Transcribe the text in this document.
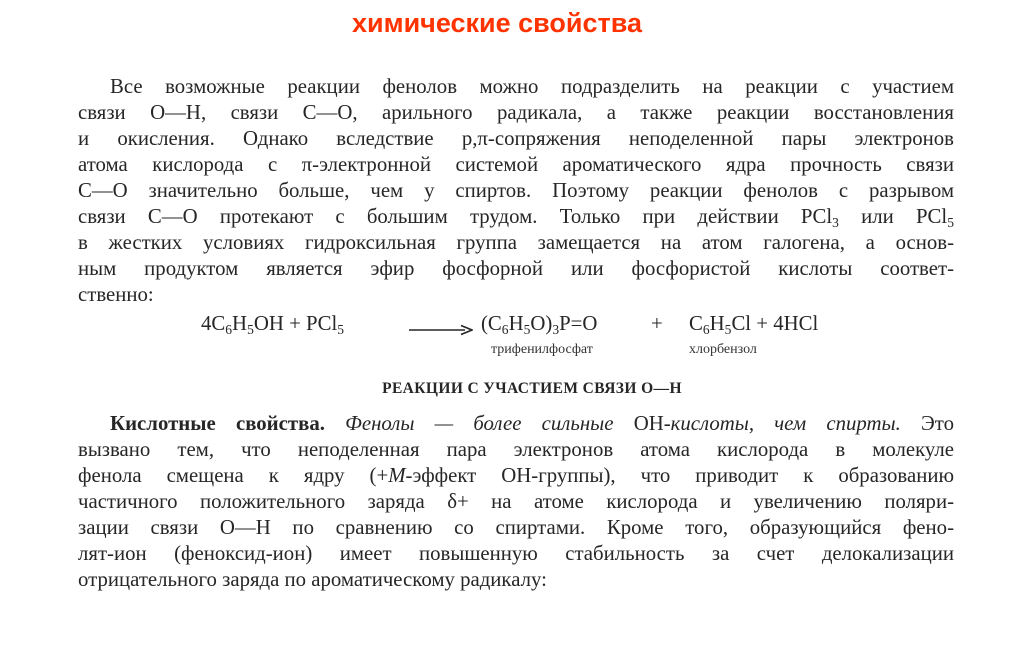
химические свойства
Все возможные реакции фенолов можно подразделить на реакции с участием
связи О—Н, связи С—О, арильного радикала, а также реакции восстановления
и окисления. Однако вследствие р,π-сопряжения неподеленной пары электронов
атома кислорода с π-электронной системой ароматического ядра прочность связи
С—О значительно больше, чем у спиртов. Поэтому реакции фенолов с разрывом
связи С—О протекают с большим трудом. Только при действии PCl$_3$ или PCl$_5$
в жестких условиях гидроксильная группа замещается на атом галогена, а основ-
ным продуктом является эфир фосфорной или фосфористой кислоты соответ-
ственно:
$4C_6H_5OH + PCl_5$	→ $(C_6H_5O)_3P=O$	+ $C_6H_5Cl + 4HCl$
трифенилфосфат	хлорбензол
РЕАКЦИИ С УЧАСТИЕМ СВЯЗИ О—Н
Кислотные свойства. Фенолы — более сильные ОН-кислоты, чем спирты. Это
вызвано тем, что неподеленная пара электронов атома кислорода в молекуле
фенола смещена к ядру (+М-эффект ОН-группы), что приводит к образованию
частичного положительного заряда δ+ на атоме кислорода и увеличению поляри-
зации связи О—Н по сравнению со спиртами. Кроме того, образующийся фено-
лят-ион (феноксид-ион) имеет повышенную стабильность за счет делокализации
отрицательного заряда по ароматическому радикалу:
